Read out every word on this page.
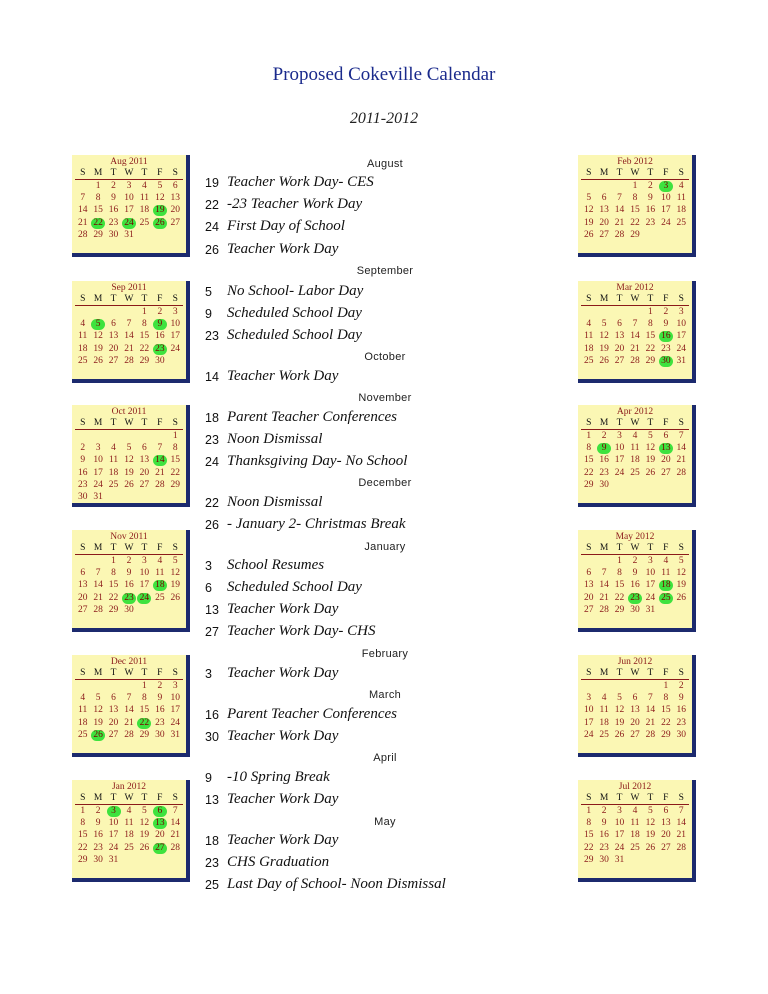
Proposed Cokeville Calendar
2011-2012
Aug 2011
S	M	T	W	T	F	S
	1	2	3	4	5	6
7	8	9	10	11	12	13
14	15	16	17	18	19	20
21	22	23	24	25	26	27
28	29	30	31			
Sep 2011
S	M	T	W	T	F	S
				1	2	3
4	5	6	7	8	9	10
11	12	13	14	15	16	17
18	19	20	21	22	23	24
25	26	27	28	29	30	
Oct 2011
S	M	T	W	T	F	S
						1
2	3	4	5	6	7	8
9	10	11	12	13	14	15
16	17	18	19	20	21	22
23	24	25	26	27	28	29
30	31					
Nov 2011
S	M	T	W	T	F	S
		1	2	3	4	5
6	7	8	9	10	11	12
13	14	15	16	17	18	19
20	21	22	23	24	25	26
27	28	29	30			
Dec 2011
S	M	T	W	T	F	S
				1	2	3
4	5	6	7	8	9	10
11	12	13	14	15	16	17
18	19	20	21	22	23	24
25	26	27	28	29	30	31
Jan 2012
S	M	T	W	T	F	S
1	2	3	4	5	6	7
8	9	10	11	12	13	14
15	16	17	18	19	20	21
22	23	24	25	26	27	28
29	30	31				
Feb 2012
S	M	T	W	T	F	S
			1	2	3	4
5	6	7	8	9	10	11
12	13	14	15	16	17	18
19	20	21	22	23	24	25
26	27	28	29			
Mar 2012
S	M	T	W	T	F	S
				1	2	3
4	5	6	7	8	9	10
11	12	13	14	15	16	17
18	19	20	21	22	23	24
25	26	27	28	29	30	31
Apr 2012
S	M	T	W	T	F	S
1	2	3	4	5	6	7
8	9	10	11	12	13	14
15	16	17	18	19	20	21
22	23	24	25	26	27	28
29	30					
May 2012
S	M	T	W	T	F	S
		1	2	3	4	5
6	7	8	9	10	11	12
13	14	15	16	17	18	19
20	21	22	23	24	25	26
27	28	29	30	31		
Jun 2012
S	M	T	W	T	F	S
					1	2
3	4	5	6	7	8	9
10	11	12	13	14	15	16
17	18	19	20	21	22	23
24	25	26	27	28	29	30
Jul 2012
S	M	T	W	T	F	S
1	2	3	4	5	6	7
8	9	10	11	12	13	14
15	16	17	18	19	20	21
22	23	24	25	26	27	28
29	30	31				
August
19 Teacher Work Day- CES
22 -23 Teacher Work Day
24 First Day of School
26 Teacher Work Day
September
5 No School- Labor Day
9 Scheduled School Day
23 Scheduled School Day
October
14 Teacher Work Day
November
18 Parent Teacher Conferences
23 Noon Dismissal
24 Thanksgiving Day- No School
December
22 Noon Dismissal
26 - January 2- Christmas Break
January
3 School Resumes
6 Scheduled School Day
13 Teacher Work Day
27 Teacher Work Day- CHS
February
3 Teacher Work Day
March
16 Parent Teacher Conferences
30 Teacher Work Day
April
9 -10 Spring Break
13 Teacher Work Day
May
18 Teacher Work Day
23 CHS Graduation
25 Last Day of School- Noon Dismissal
